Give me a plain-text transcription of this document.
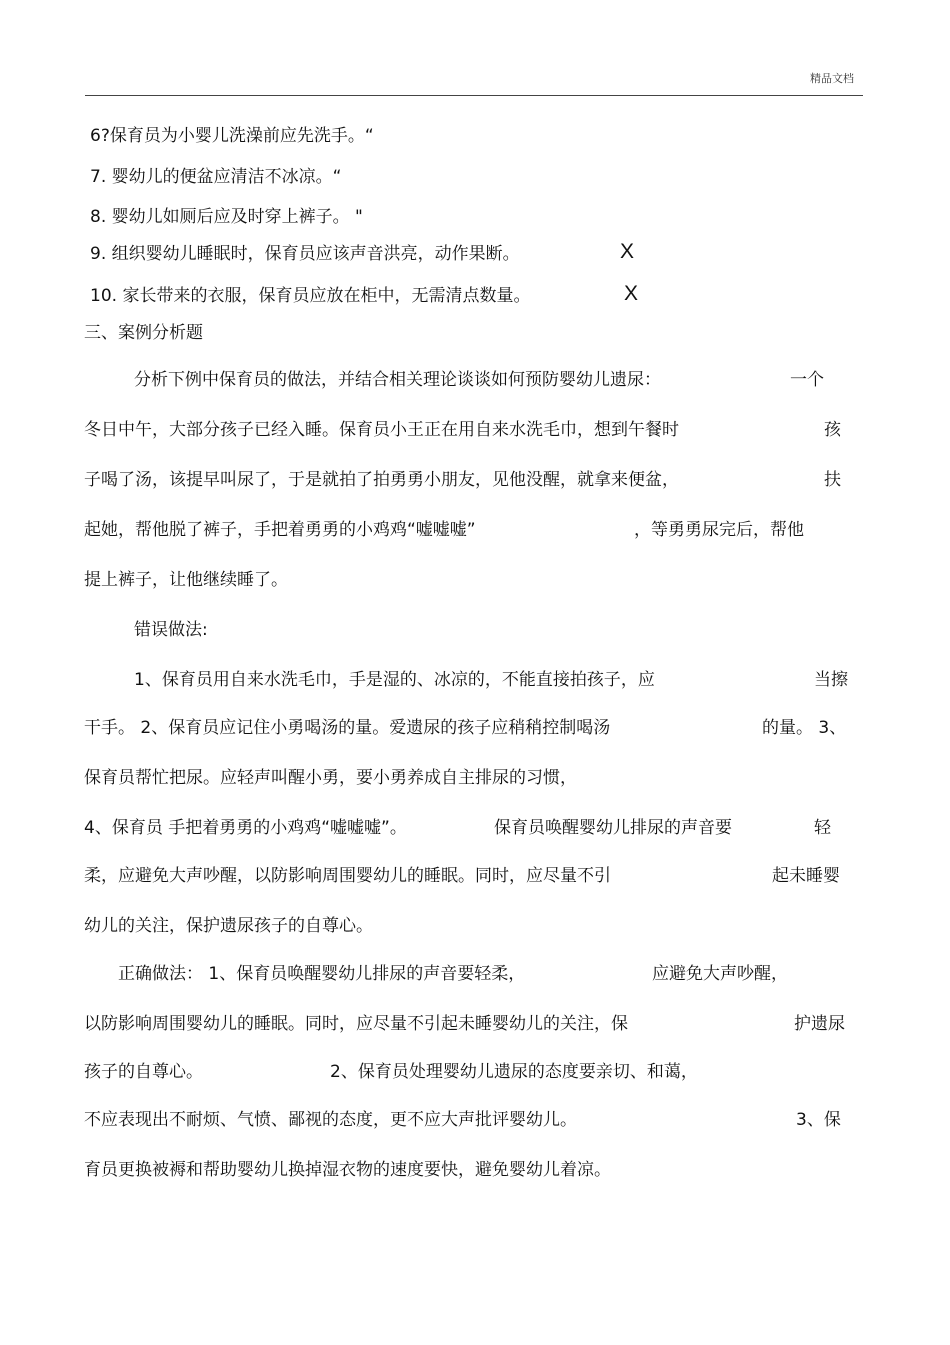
精品文档
6?保育员为小婴儿洗澡前应先洗手。“
7. 婴幼儿的便盆应清洁不冰凉。“
8. 婴幼儿如厕后应及时穿上裤子。 "
9. 组织婴幼儿睡眠时，保育员应该声音洪亮，动作果断。	X
10. 家长带来的衣服，保育员应放在柜中，无需清点数量。	X
三、案例分析题
分析下例中保育员的做法，并结合相关理论谈谈如何预防婴幼儿遗尿：	一个
冬日中午，大部分孩子已经入睡。保育员小王正在用自来水洗毛巾，想到午餐时	孩
子喝了汤，该提早叫尿了，于是就拍了拍勇勇小朋友，见他没醒，就拿来便盆，	扶
起她，帮他脱了裤子，手把着勇勇的小鸡鸡“嘘嘘嘘”	，等勇勇尿完后，帮他
提上裤子，让他继续睡了。
错误做法:
1、保育员用自来水洗毛巾，手是湿的、冰凉的，不能直接拍孩子，应	当擦
干手。 2、保育员应记住小勇喝汤的量。爱遗尿的孩子应稍稍控制喝汤	的量。 3、
保育员帮忙把尿。应轻声叫醒小勇，要小勇养成自主排尿的习惯，
4、保育员 手把着勇勇的小鸡鸡“嘘嘘嘘”。	保育员唤醒婴幼儿排尿的声音要	轻
柔，应避免大声吵醒，以防影响周围婴幼儿的睡眠。同时，应尽量不引	起未睡婴
幼儿的关注，保护遗尿孩子的自尊心。
正确做法： 1、保育员唤醒婴幼儿排尿的声音要轻柔，	应避免大声吵醒，
以防影响周围婴幼儿的睡眠。同时，应尽量不引起未睡婴幼儿的关注，保	护遗尿
孩子的自尊心。	2、保育员处理婴幼儿遗尿的态度要亲切、和蔼，
不应表现出不耐烦、气愤、鄙视的态度，更不应大声批评婴幼儿。	3、保
育员更换被褥和帮助婴幼儿换掉湿衣物的速度要快，避免婴幼儿着凉。
